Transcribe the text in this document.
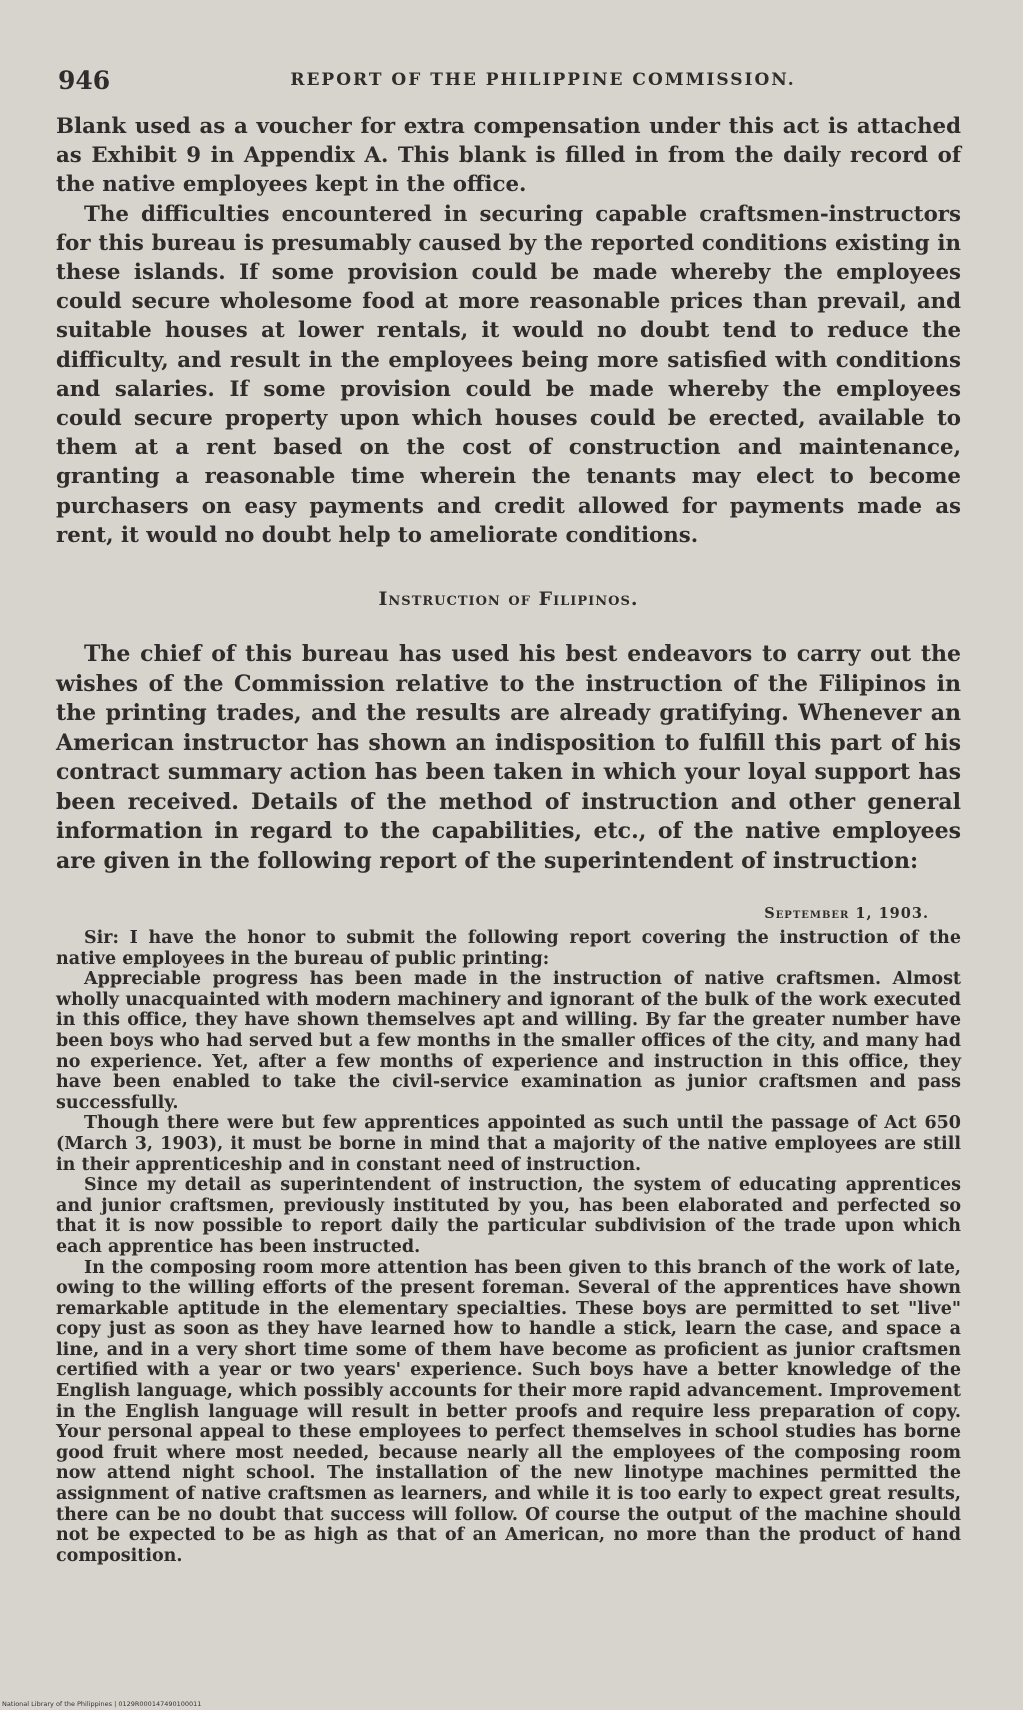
946	REPORT OF THE PHILIPPINE COMMISSION.

Blank used as a voucher for extra compensation under this act is attached as Exhibit 9 in Appendix A. This blank is filled in from the daily record of the native employees kept in the office.

The difficulties encountered in securing capable craftsmen-instructors for this bureau is presumably caused by the reported conditions existing in these islands. If some provision could be made whereby the employees could secure wholesome food at more reasonable prices than prevail, and suitable houses at lower rentals, it would no doubt tend to reduce the difficulty, and result in the employees being more satisfied with conditions and salaries. If some provision could be made whereby the employees could secure property upon which houses could be erected, available to them at a rent based on the cost of construction and maintenance, granting a reasonable time wherein the tenants may elect to become purchasers on easy payments and credit allowed for payments made as rent, it would no doubt help to ameliorate conditions.

Instruction of Filipinos.

The chief of this bureau has used his best endeavors to carry out the wishes of the Commission relative to the instruction of the Filipinos in the printing trades, and the results are already gratifying. Whenever an American instructor has shown an indisposition to fulfill this part of his contract summary action has been taken in which your loyal support has been received. Details of the method of instruction and other general information in regard to the capabilities, etc., of the native employees are given in the following report of the superintendent of instruction:

September 1, 1903.

Sir: I have the honor to submit the following report covering the instruction of the native employees in the bureau of public printing:

Appreciable progress has been made in the instruction of native craftsmen. Almost wholly unacquainted with modern machinery and ignorant of the bulk of the work executed in this office, they have shown themselves apt and willing. By far the greater number have been boys who had served but a few months in the smaller offices of the city, and many had no experience. Yet, after a few months of experience and instruction in this office, they have been enabled to take the civil-service examination as junior craftsmen and pass successfully.

Though there were but few apprentices appointed as such until the passage of Act 650 (March 3, 1903), it must be borne in mind that a majority of the native employees are still in their apprenticeship and in constant need of instruction.

Since my detail as superintendent of instruction, the system of educating apprentices and junior craftsmen, previously instituted by you, has been elaborated and perfected so that it is now possible to report daily the particular subdivision of the trade upon which each apprentice has been instructed.

In the composing room more attention has been given to this branch of the work of late, owing to the willing efforts of the present foreman. Several of the apprentices have shown remarkable aptitude in the elementary specialties. These boys are permitted to set "live" copy just as soon as they have learned how to handle a stick, learn the case, and space a line, and in a very short time some of them have become as proficient as junior craftsmen certified with a year or two years' experience. Such boys have a better knowledge of the English language, which possibly accounts for their more rapid advancement. Improvement in the English language will result in better proofs and require less preparation of copy. Your personal appeal to these employees to perfect themselves in school studies has borne good fruit where most needed, because nearly all the employees of the composing room now attend night school. The installation of the new linotype machines permitted the assignment of native craftsmen as learners, and while it is too early to expect great results, there can be no doubt that success will follow. Of course the output of the machine should not be expected to be as high as that of an American, no more than the product of hand composition.

National Library of the Philippines | 0129R000147490100011
